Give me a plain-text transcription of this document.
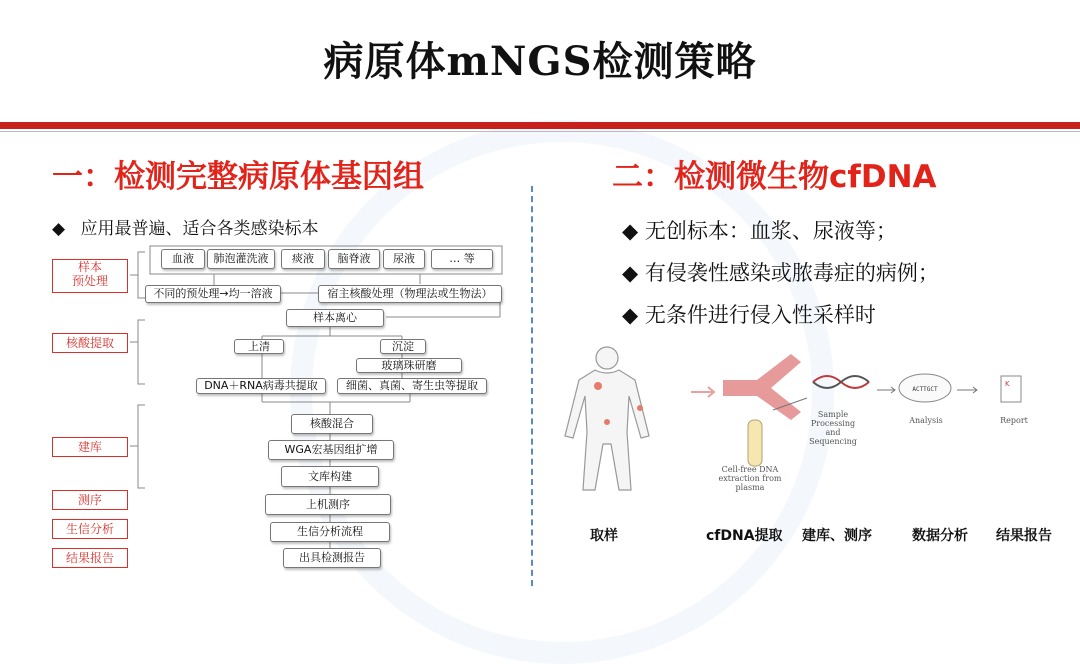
病原体mNGS检测策略
一：检测完整病原体基因组
◆ 应用最普遍、适合各类感染标本
样本
预处理
核酸提取
建库
测序
生信分析
结果报告
血液	肺泡灌洗液	痰液	脑脊液	尿液	… 等
不同的预处理→均一溶液	宿主核酸处理（物理法或生物法）
样本离心
上清	沉淀
玻璃珠研磨
DNA＋RNA病毒共提取	细菌、真菌、寄生虫等提取
核酸混合
WGA宏基因组扩增
文库构建
上机测序
生信分析流程
出具检测报告
二：检测微生物cfDNA
◆ 无创标本：血浆、尿液等；
◆ 有侵袭性感染或脓毒症的病例；
◆ 无条件进行侵入性采样时
ACTTGCT
K
Cell-free DNA
extraction from
plasma
Sample
Processing
and
Sequencing
Analysis	Report
取样	cfDNA提取 建库、测序	数据分析 结果报告
